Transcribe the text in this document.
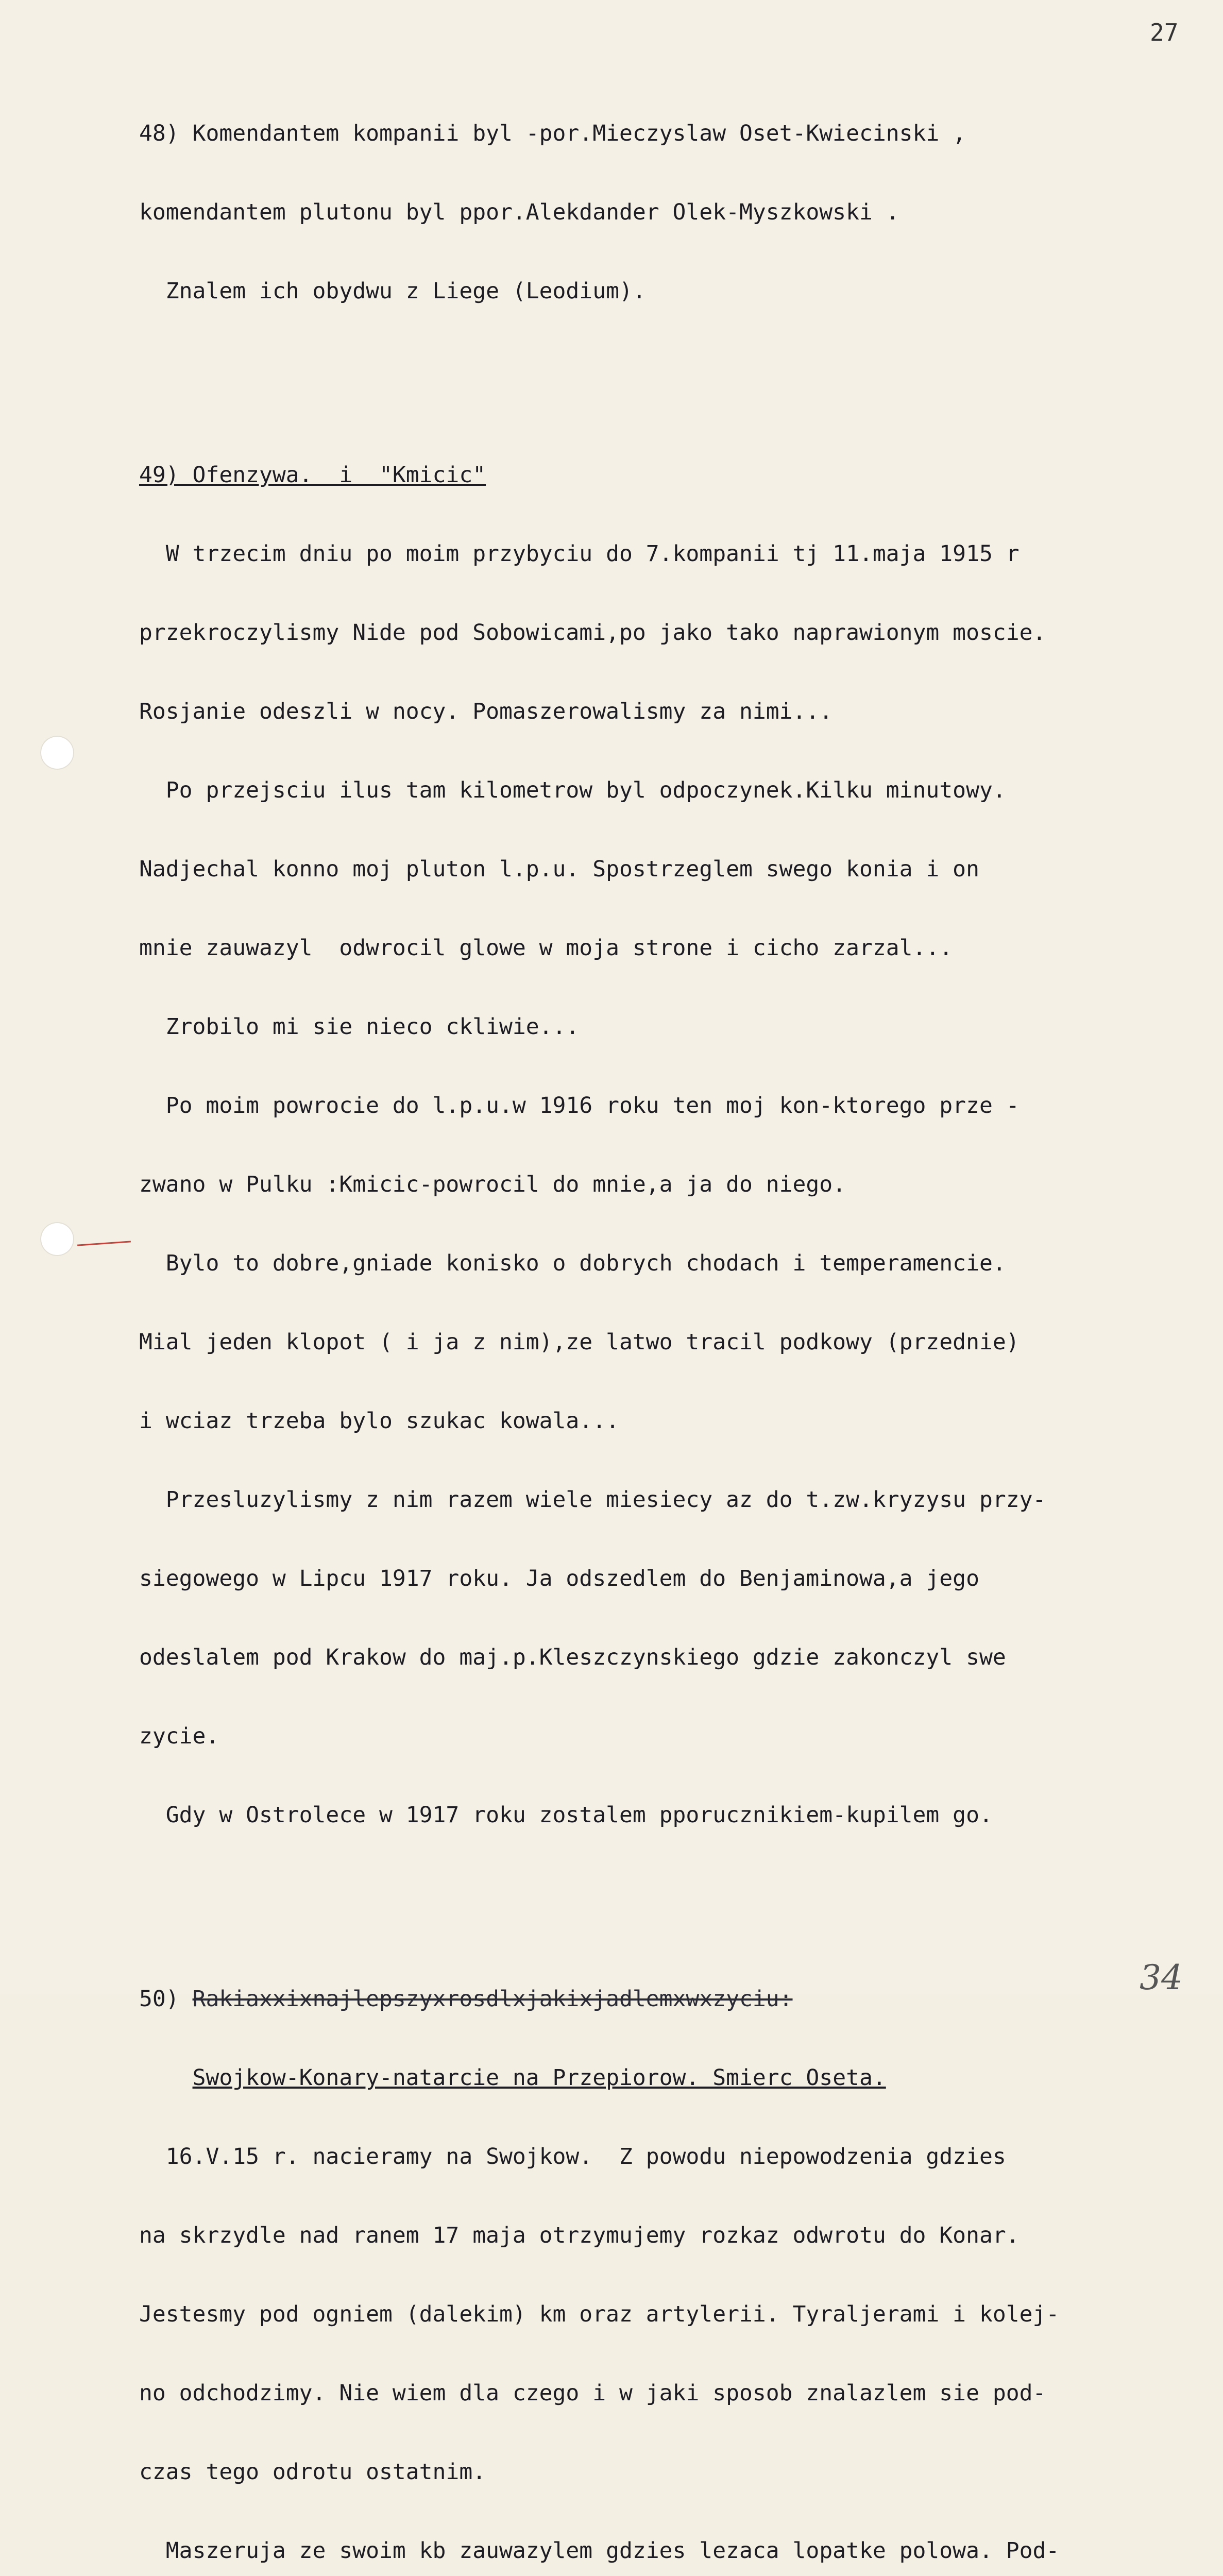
27

48) Komendantem kompanii byl -por.Mieczyslaw Oset-Kwiecinski ,

komendantem plutonu byl ppor.Alekdander Olek-Myszkowski .

Znalem ich obydwu z Liege (Leodium).

49) Ofenzywa.  i  "Kmicic"

W trzecim dniu po moim przybyciu do 7.kompanii tj 11.maja 1915 r

przekroczylismy Nide pod Sobowicami,po jako tako naprawionym moscie.

Rosjanie odeszli w nocy. Pomaszerowalismy za nimi...

Po przejsciu ilus tam kilometrow byl odpoczynek.Kilku minutowy.

Nadjechal konno moj pluton l.p.u. Spostrzeglem swego konia i on

mnie zauwazyl  odwrocil glowe w moja strone i cicho zarzal...

Zrobilo mi sie nieco ckliwie...

Po moim powrocie do l.p.u.w 1916 roku ten moj kon-ktorego prze -

zwano w Pulku :Kmicic-powrocil do mnie,a ja do niego.

Bylo to dobre,gniade konisko o dobrych chodach i temperamencie.

Mial jeden klopot ( i ja z nim),ze latwo tracil podkowy (przednie)

i wciaz trzeba bylo szukac kowala...

Przesluzylismy z nim razem wiele miesiecy az do t.zw.kryzysu przy-

siegowego w Lipcu 1917 roku. Ja odszedlem do Benjaminowa,a jego

odeslalem pod Krakow do maj.p.Kleszczynskiego gdzie zakonczyl swe

zycie.

Gdy w Ostrolece w 1917 roku zostalem pporucznikiem-kupilem go.

50) Rakiaxxixnajlepszyxrosdlxjakixjadlemxwxzyciu:

Swojkow-Konary-natarcie na Przepiorow. Smierc Oseta.

16.V.15 r. nacieramy na Swojkow.  Z powodu niepowodzenia gdzies

na skrzydle nad ranem 17 maja otrzymujemy rozkaz odwrotu do Konar.

Jestesmy pod ogniem (dalekim) km oraz artylerii. Tyraljerami i kolej-

no odchodzimy. Nie wiem dla czego i w jaki sposob znalazlem sie pod-

czas tego odrotu ostatnim.

Maszeruja ze swoim kb zauwazylem gdzies lezaca lopatke polowa. Pod-

34
